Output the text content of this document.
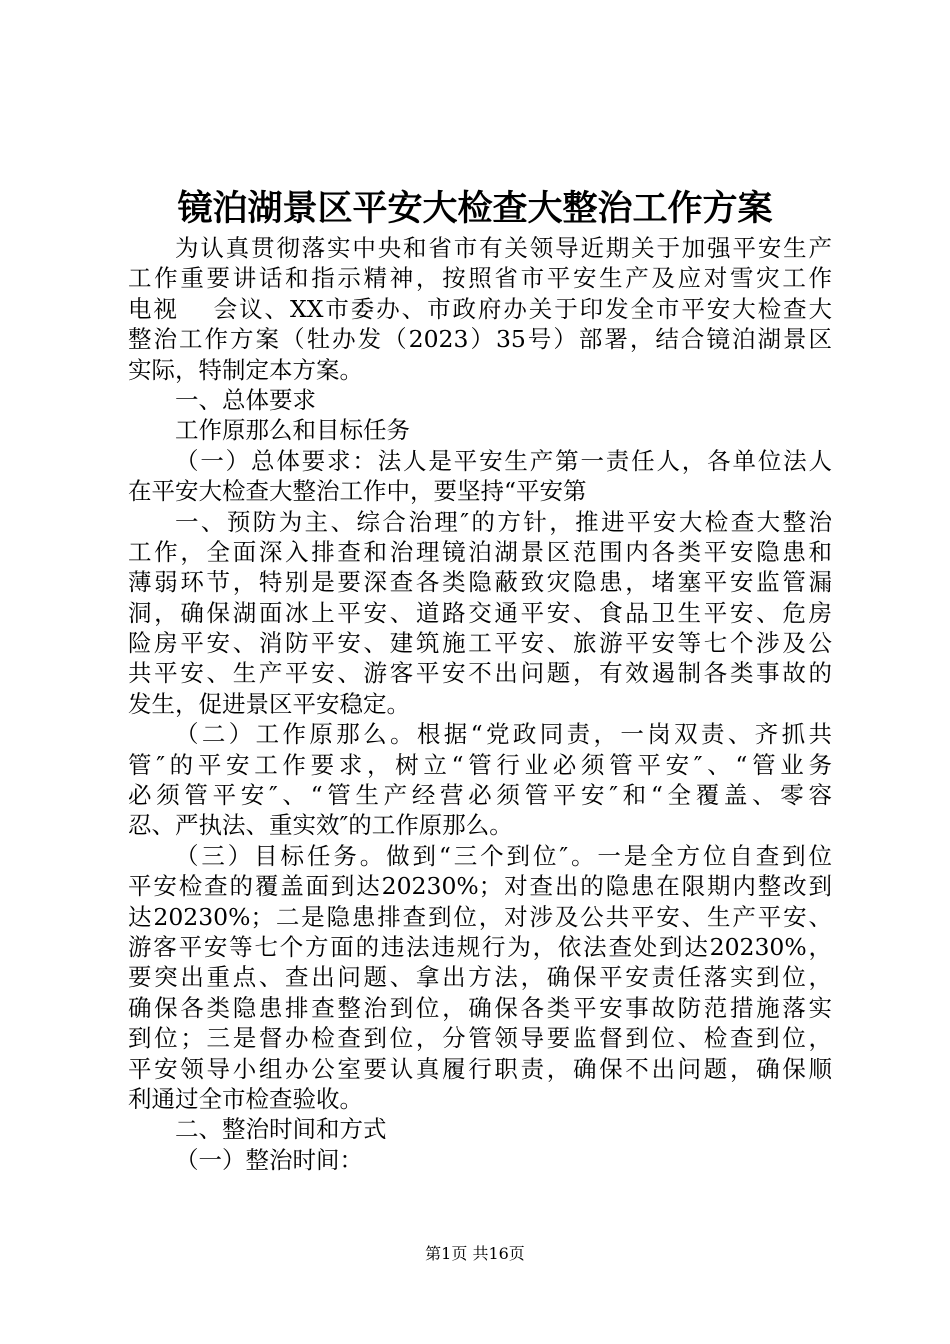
镜泊湖景区平安大检查大整治工作方案
为认真贯彻落实中央和省市有关领导近期关于加强平安生产
工作重要讲话和指示精神，按照省市平安生产及应对雪灾工作
电视　 会议、XX市委办、市政府办关于印发全市平安大检查大
整治工作方案（牡办发（2023）35号）部署，结合镜泊湖景区
实际，特制定本方案。
一、总体要求
工作原那么和目标任务
（一）总体要求：法人是平安生产第一责任人，各单位法人
在平安大检查大整治工作中，要坚持“平安第
一、预防为主、综合治理″的方针，推进平安大检查大整治
工作，全面深入排查和治理镜泊湖景区范围内各类平安隐患和
薄弱环节，特别是要深查各类隐蔽致灾隐患，堵塞平安监管漏
洞，确保湖面冰上平安、道路交通平安、食品卫生平安、危房
险房平安、消防平安、建筑施工平安、旅游平安等七个涉及公
共平安、生产平安、游客平安不出问题，有效遏制各类事故的
发生，促进景区平安稳定。
（二）工作原那么。根据“党政同责，一岗双责、齐抓共
管″的平安工作要求，树立“管行业必须管平安″、“管业务
必须管平安″、“管生产经营必须管平安″和“全覆盖、零容
忍、严执法、重实效″的工作原那么。
（三）目标任务。做到“三个到位″。一是全方位自查到位
平安检查的覆盖面到达20230%；对查出的隐患在限期内整改到
达20230%；二是隐患排查到位，对涉及公共平安、生产平安、
游客平安等七个方面的违法违规行为，依法查处到达20230%，
要突出重点、查出问题、拿出方法，确保平安责任落实到位，
确保各类隐患排查整治到位，确保各类平安事故防范措施落实
到位；三是督办检查到位，分管领导要监督到位、检查到位，
平安领导小组办公室要认真履行职责，确保不出问题，确保顺
利通过全市检查验收。
二、整治时间和方式
（一）整治时间：
第1页 共16页
